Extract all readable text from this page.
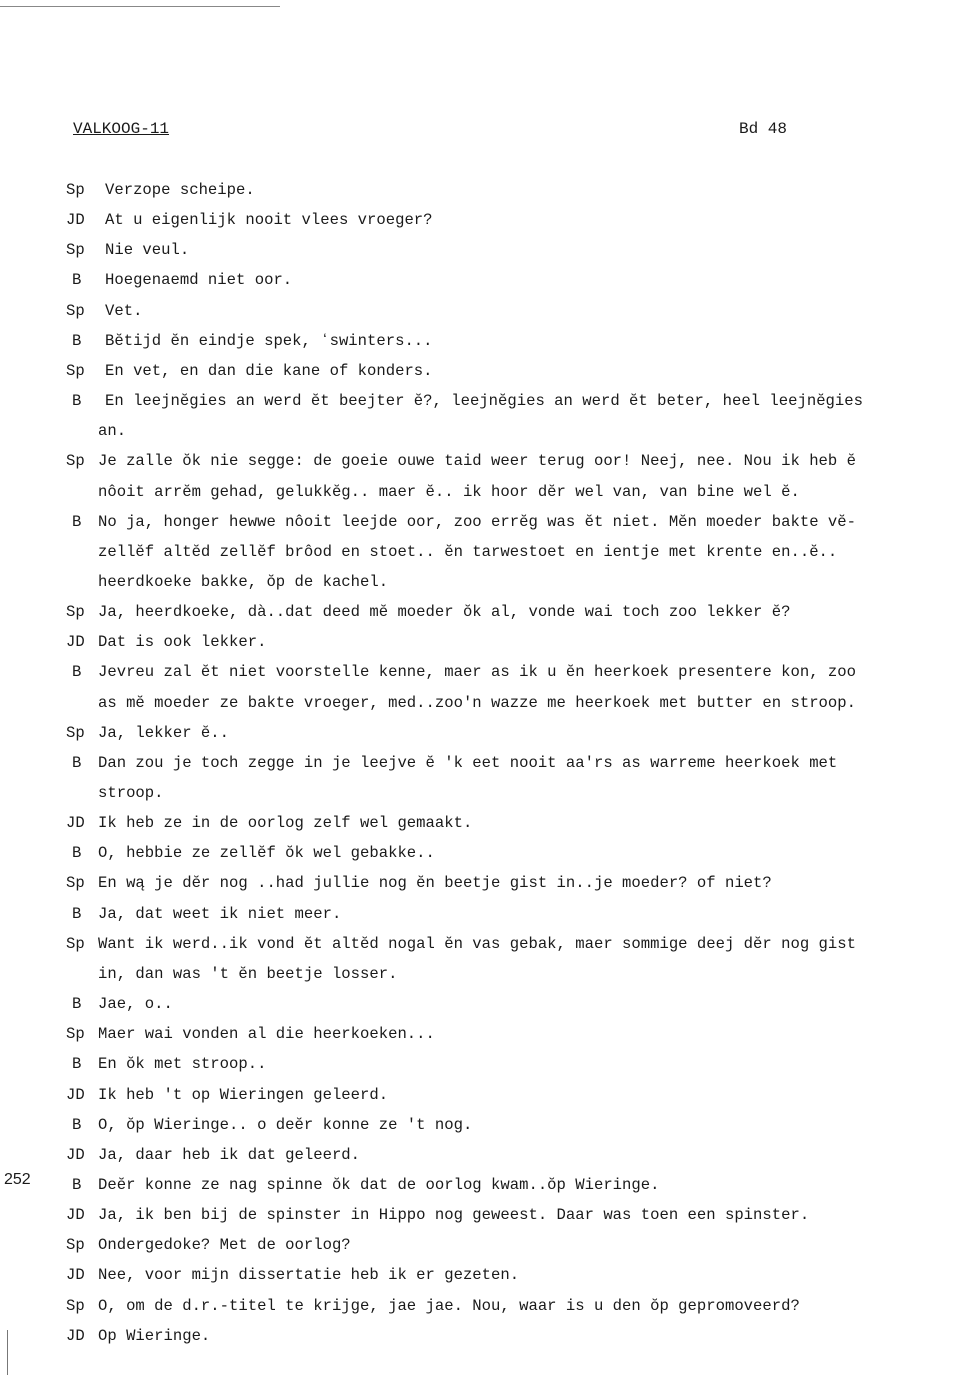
VALKOOG-11	Bd 48
252
Sp Verzope scheipe.
JD At u eigenlijk nooit vlees vroeger?
Sp Nie veul.
B Hoegenaemd niet oor.
Sp Vet.
B Bĕtijd ĕn eindje spek, ʻswinters...
Sp En vet, en dan die kane of konders.
B En leejnĕgies an werd ĕt beejter ĕ?, leejnĕgies an werd ĕt beter, heel leejnĕgies
an.
Sp Je zalle ŏk nie segge: de goeie ouwe taid weer terug oor! Neej, nee. Nou ik heb ĕ
nôoit arrĕm gehad, gelukkĕg.. maer ĕ.. ik hoor dĕr wel van, van bine wel ĕ.
B No ja, honger hewwe nôoit leejde oor, zoo errĕg was ĕt niet. Mĕn moeder bakte vĕ-
zellĕf altĕd zellĕf brôod en stoet.. ĕn tarwestoet en ientje met krente en..ĕ..
heerdkoeke bakke, ŏp de kachel.
Sp Ja, heerdkoeke, dà..dat deed mĕ moeder ŏk al, vonde wai toch zoo lekker ĕ?
JD Dat is ook lekker.
B Jevreu zal ĕt niet voorstelle kenne, maer as ik u ĕn heerkoek presentere kon, zoo
as mĕ moeder ze bakte vroeger, med..zoo'n wazze me heerkoek met butter en stroop.
Sp Ja, lekker ĕ..
B Dan zou je toch zegge in je leejve ĕ 'k eet nooit aa'rs as warreme heerkoek met
stroop.
JD Ik heb ze in de oorlog zelf wel gemaakt.
B O, hebbie ze zellĕf ŏk wel gebakke..
Sp En wą je dĕr nog ..had jullie nog ĕn beetje gist in..je moeder? of niet?
B Ja, dat weet ik niet meer.
Sp Want ik werd..ik vond ĕt altĕd nogal ĕn vas gebak, maer sommige deej dĕr nog gist
in, dan was 't ĕn beetje losser.
B Jae, o..
Sp Maer wai vonden al die heerkoeken...
B En ŏk met stroop..
JD Ik heb 't op Wieringen geleerd.
B O, ŏp Wieringe.. o deĕr konne ze 't nog.
JD Ja, daar heb ik dat geleerd.
B Deĕr konne ze nag spinne ŏk dat de oorlog kwam..ŏp Wieringe.
JD Ja, ik ben bij de spinster in Hippo nog geweest. Daar was toen een spinster.
Sp Ondergedoke? Met de oorlog?
JD Nee, voor mijn dissertatie heb ik er gezeten.
Sp O, om de d.r.-titel te krijge, jae jae. Nou, waar is u den ŏp gepromoveerd?
JD Op Wieringe.
